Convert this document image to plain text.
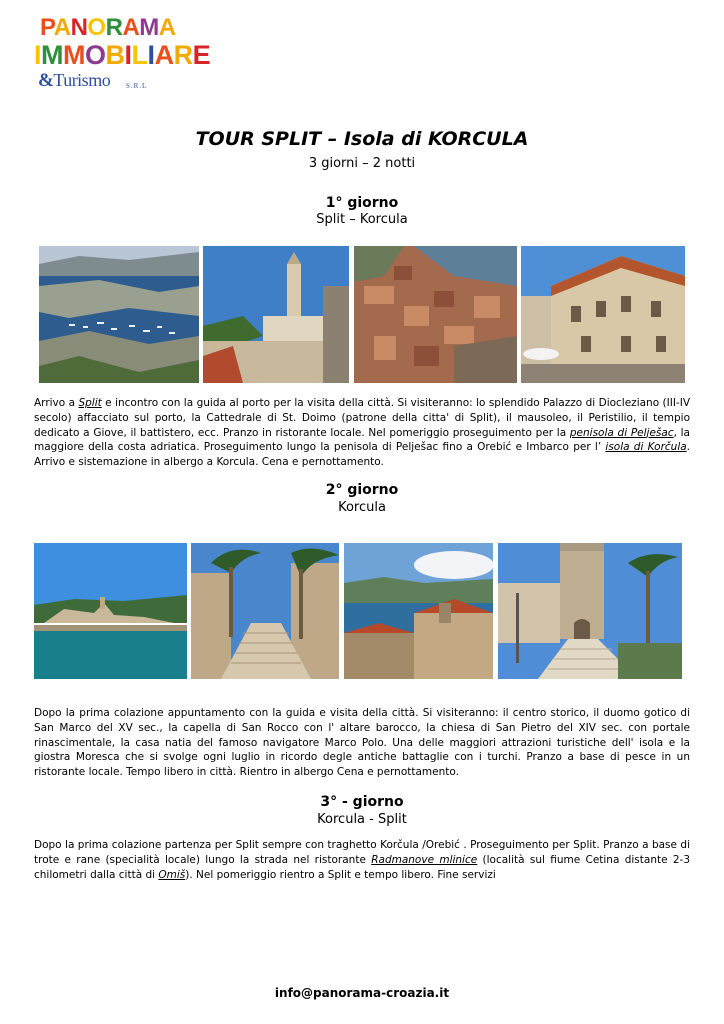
PANORAMA
IMMOBILIARE
&Turismo S.R.L
TOUR SPLIT – Isola di KORCULA
3 giorni – 2 notti
1° giorno
Split – Korcula
Arrivo a Split e incontro con la guida al porto per la visita della città. Si visiteranno: lo splendido Palazzo di Diocleziano (III-IV secolo) affacciato sul porto, la Cattedrale di St. Doimo (patrone della citta' di Split), il mausoleo, il Peristilio, il tempio dedicato a Giove, il battistero, ecc. Pranzo in ristorante locale. Nel pomeriggio proseguimento per la penisola di Pelješac, la maggiore della costa adriatica. Proseguimento lungo la penisola di Pelješac fino a Orebić e Imbarco per l’ isola di Korčula. Arrivo e sistemazione in albergo a Korcula. Cena e pernottamento.
2° giorno
Korcula
Dopo la prima colazione appuntamento con la guida e visita della città. Si visiteranno: il centro storico, il duomo gotico di San Marco del XV sec., la capella di San Rocco con l' altare barocco, la chiesa di San Pietro del XIV sec. con portale rinascimentale, la casa natia del famoso navigatore Marco Polo. Una delle maggiori attrazioni turistiche dell' isola e la giostra Moresca che si svolge ogni luglio in ricordo degle antiche battaglie con i turchi. Pranzo a base di pesce in un ristorante locale. Tempo libero in città. Rientro in albergo Cena e pernottamento.
3° - giorno
Korcula - Split
Dopo la prima colazione partenza per Split sempre con traghetto Korčula /Orebić . Proseguimento per Split. Pranzo a base di trote e rane (specialità locale) lungo la strada nel ristorante Radmanove mlinice (località sul fiume Cetina distante 2-3 chilometri dalla città di Omiš). Nel pomeriggio rientro a Split e tempo libero. Fine servizi
info@panorama-croazia.it
